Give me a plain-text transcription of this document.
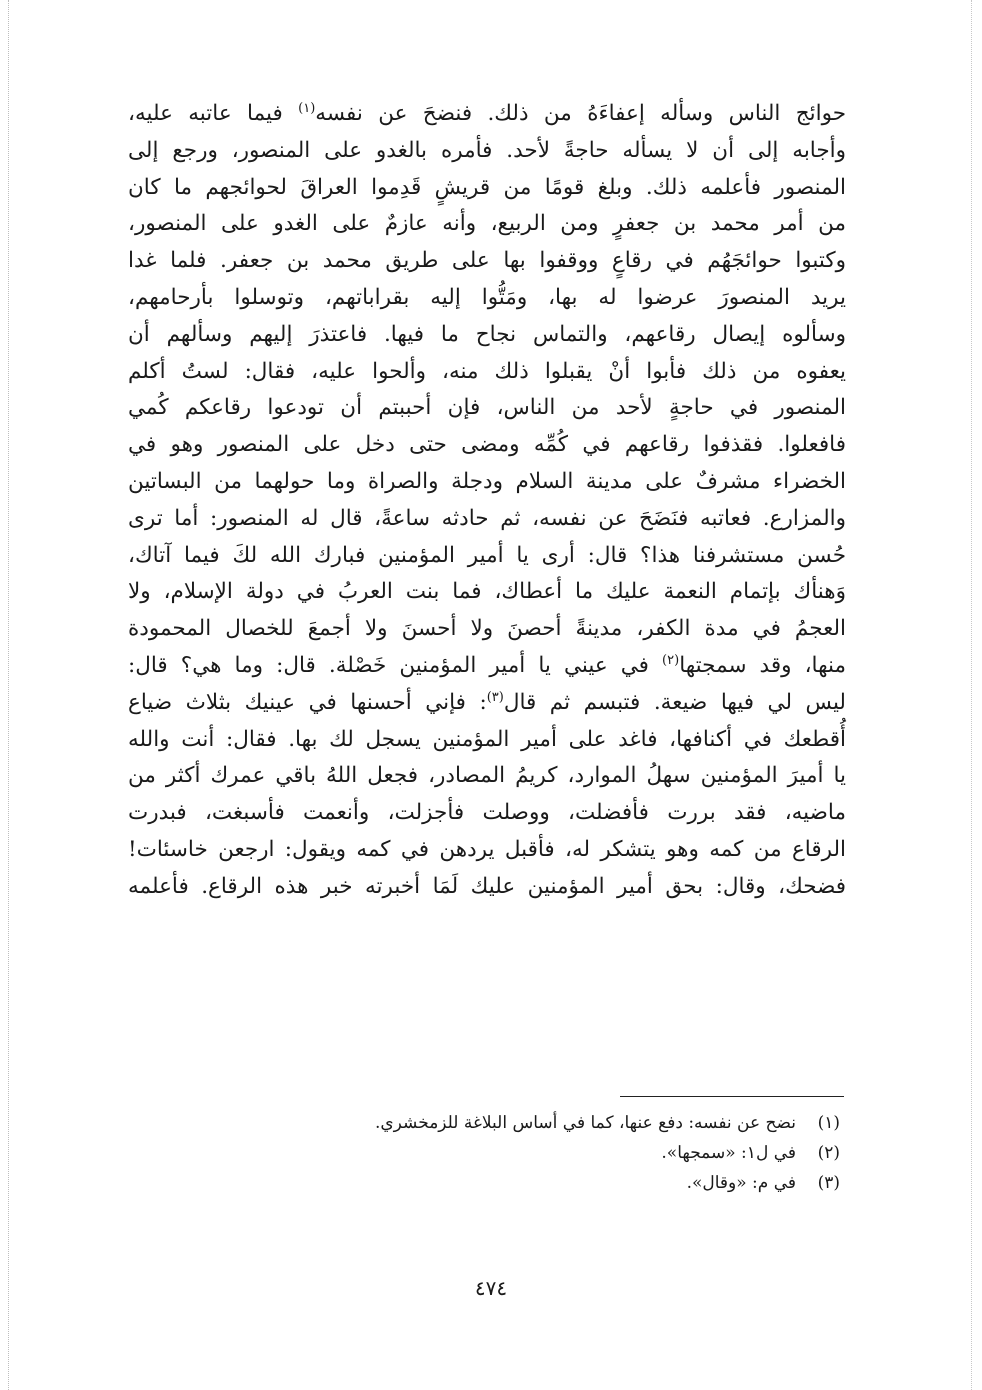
حوائج الناس وسأله إعفاءَهُ من ذلك. فنضحَ عن نفسه$^{(١)}$ فيما عاتبه عليه،
وأجابه إلى أن لا يسأله حاجةً لأحد. فأمره بالغدو على المنصور، ورجع إلى
المنصور فأعلمه ذلك. وبلغ قومًا من قريشٍ قَدِموا العراقَ لحوائجهم ما كان
من أمر محمد بن جعفرٍ ومن الربيع، وأنه عازمٌ على الغدو على المنصور،
وكتبوا حوائجَهُم في رقاعٍ ووقفوا بها على طريق محمد بن جعفر. فلما غدا
يريد المنصورَ عرضوا له بها، ومَتُّوا إليه بقراباتهم، وتوسلوا بأرحامهم،
وسألوه إيصال رقاعهم، والتماس نجاح ما فيها. فاعتذرَ إليهم وسألهم أن
يعفوه من ذلك فأبوا أنْ يقبلوا ذلك منه، وألحوا عليه، فقال: لستُ أكلم
المنصور في حاجةٍ لأحد من الناس، فإن أحببتم أن تودعوا رقاعكم كُمي
فافعلوا. فقذفوا رقاعهم في كُمِّه ومضى حتى دخل على المنصور وهو في
الخضراء مشرفٌ على مدينة السلام ودجلة والصراة وما حولهما من البساتين
والمزارع. فعاتبه فنَضَحَ عن نفسه، ثم حادثه ساعةً، قال له المنصور: أما ترى
حُسن مستشرفنا هذا؟ قال: أرى يا أمير المؤمنين فبارك الله لكَ فيما آتاك،
وَهنأك بإتمام النعمة عليك ما أعطاك، فما بنت العربُ في دولة الإسلام، ولا
العجمُ في مدة الكفر، مدينةً أحصنَ ولا أحسنَ ولا أجمعَ للخصال المحمودة
منها، وقد سمجتها$^{(٢)}$ في عيني يا أمير المؤمنين خَصْلة. قال: وما هي؟ قال:
ليس لي فيها ضيعة. فتبسم ثم قال$^{(٣)}$: فإني أحسنها في عينيك بثلاث ضياع
أُقطعك في أكنافها، فاغد على أمير المؤمنين يسجل لك بها. فقال: أنت والله
يا أميرَ المؤمنين سهلُ الموارد، كريمُ المصادر، فجعل اللهُ باقي عمرك أكثر من
ماضيه، فقد بررت فأفضلت، ووصلت فأجزلت، وأنعمت فأسبغت، فبدرت
الرقاع من كمه وهو يتشكر له، فأقبل يردهن في كمه ويقول: ارجعن خاسئات!
فضحك، وقال: بحق أمير المؤمنين عليك لَمَا أخبرته خبر هذه الرقاع. فأعلمه
(١)نضح عن نفسه: دفع عنها، كما في أساس البلاغة للزمخشري.
(٢)في ل١: «سمجها».
(٣)في م: «وقال».
٤٧٤
